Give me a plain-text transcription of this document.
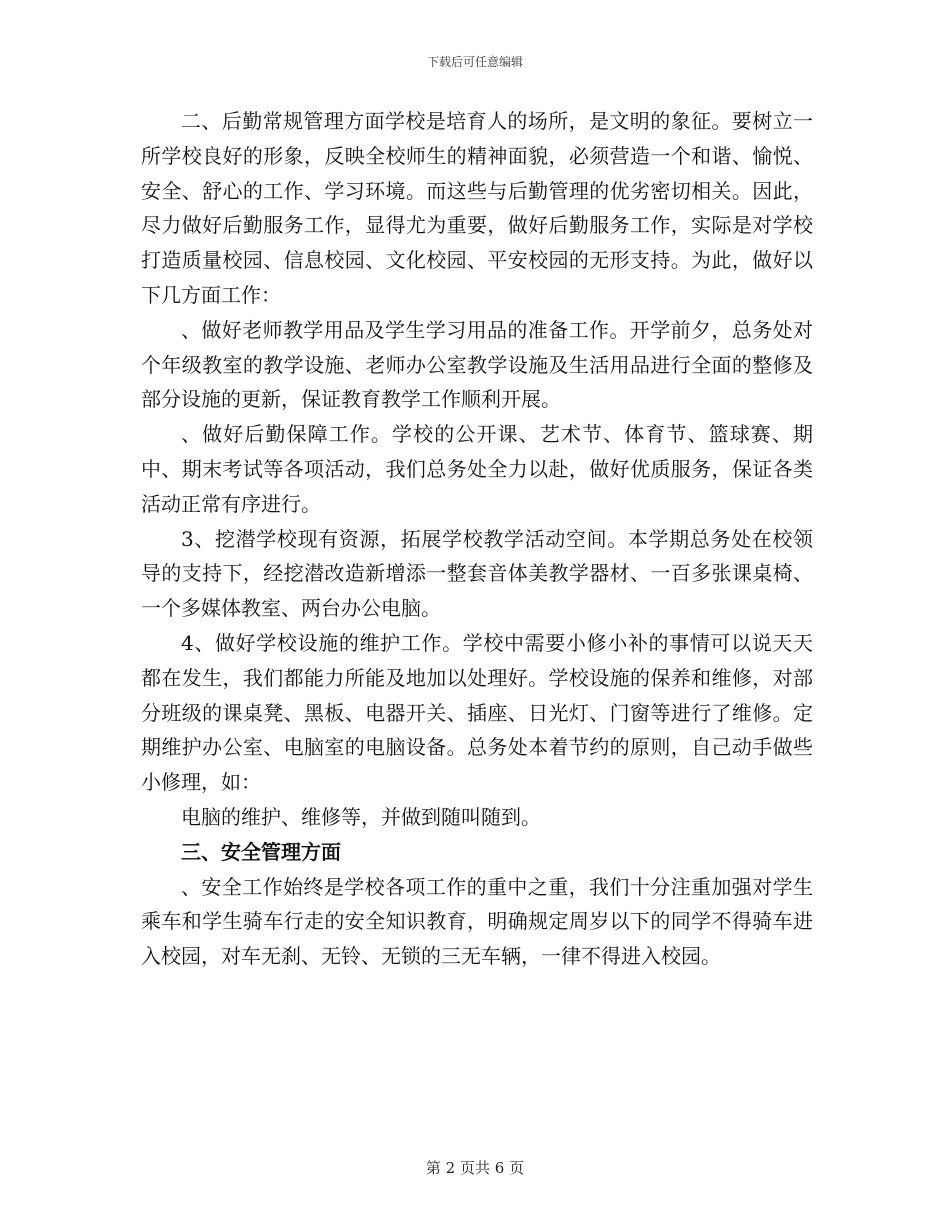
下载后可任意编辑

二、后勤常规管理方面学校是培育人的场所，是文明的象征。要树立一所学校良好的形象，反映全校师生的精神面貌，必须营造一个和谐、愉悦、安全、舒心的工作、学习环境。而这些与后勤管理的优劣密切相关。因此，尽力做好后勤服务工作，显得尤为重要，做好后勤服务工作，实际是对学校打造质量校园、信息校园、文化校园、平安校园的无形支持。为此，做好以下几方面工作：

、做好老师教学用品及学生学习用品的准备工作。开学前夕，总务处对个年级教室的教学设施、老师办公室教学设施及生活用品进行全面的整修及部分设施的更新，保证教育教学工作顺利开展。

、做好后勤保障工作。学校的公开课、艺术节、体育节、篮球赛、期中、期末考试等各项活动，我们总务处全力以赴，做好优质服务，保证各类活动正常有序进行。

3、挖潜学校现有资源，拓展学校教学活动空间。本学期总务处在校领导的支持下，经挖潜改造新增添一整套音体美教学器材、一百多张课桌椅、一个多媒体教室、两台办公电脑。

4、做好学校设施的维护工作。学校中需要小修小补的事情可以说天天都在发生，我们都能力所能及地加以处理好。学校设施的保养和维修，对部分班级的课桌凳、黑板、电器开关、插座、日光灯、门窗等进行了维修。定期维护办公室、电脑室的电脑设备。总务处本着节约的原则，自己动手做些小修理，如：

电脑的维护、维修等，并做到随叫随到。

三、安全管理方面

、安全工作始终是学校各项工作的重中之重，我们十分注重加强对学生乘车和学生骑车行走的安全知识教育，明确规定周岁以下的同学不得骑车进入校园，对车无刹、无铃、无锁的三无车辆，一律不得进入校园。

第 2 页共 6 页
